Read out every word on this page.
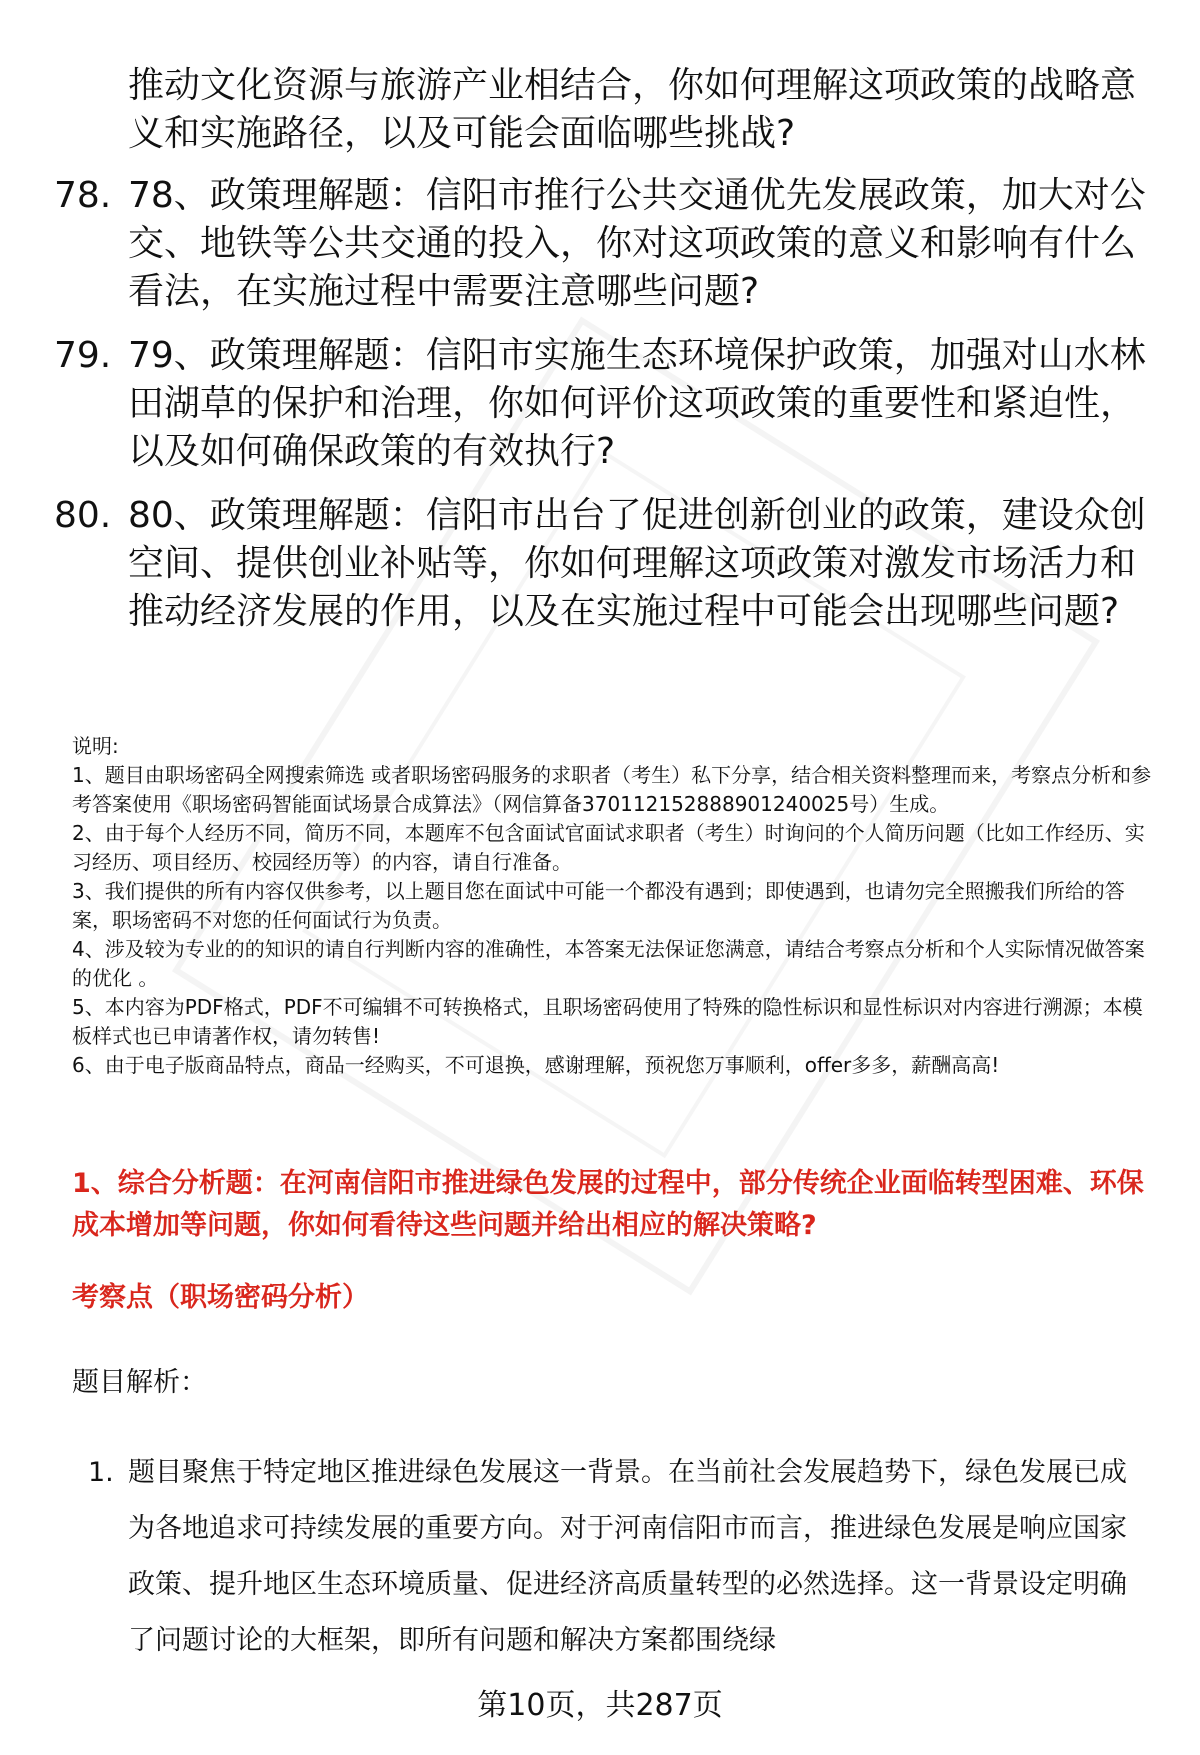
推动文化资源与旅游产业相结合，你如何理解这项政策的战略意义和实施路径，以及可能会面临哪些挑战?
78. 78、政策理解题：信阳市推行公共交通优先发展政策，加大对公交、地铁等公共交通的投入，你对这项政策的意义和影响有什么看法，在实施过程中需要注意哪些问题?
79. 79、政策理解题：信阳市实施生态环境保护政策，加强对山水林田湖草的保护和治理，你如何评价这项政策的重要性和紧迫性，以及如何确保政策的有效执行?
80. 80、政策理解题：信阳市出台了促进创新创业的政策，建设众创空间、提供创业补贴等，你如何理解这项政策对激发市场活力和推动经济发展的作用，以及在实施过程中可能会出现哪些问题?

说明:

1、题目由职场密码全网搜索筛选 或者职场密码服务的求职者（考生）私下分享，结合相关资料整理而来，考察点分析和参考答案使用《职场密码智能面试场景合成算法》（网信算备370112152888901240025号）生成。

2、由于每个人经历不同，简历不同，本题库不包含面试官面试求职者（考生）时询问的个人简历问题（比如工作经历、实习经历、项目经历、校园经历等）的内容，请自行准备。

3、我们提供的所有内容仅供参考，以上题目您在面试中可能一个都没有遇到；即使遇到，也请勿完全照搬我们所给的答案，职场密码不对您的任何面试行为负责。

4、涉及较为专业的的知识的请自行判断内容的准确性，本答案无法保证您满意，请结合考察点分析和个人实际情况做答案的优化 。

5、本内容为PDF格式，PDF不可编辑不可转换格式，且职场密码使用了特殊的隐性标识和显性标识对内容进行溯源；本模板样式也已申请著作权，请勿转售!

6、由于电子版商品特点，商品一经购买，不可退换，感谢理解，预祝您万事顺利，offer多多，薪酬高高!

1、综合分析题：在河南信阳市推进绿色发展的过程中，部分传统企业面临转型困难、环保成本增加等问题，你如何看待这些问题并给出相应的解决策略?
考察点（职场密码分析）
题目解析：
1. 题目聚焦于特定地区推进绿色发展这一背景。在当前社会发展趋势下，绿色发展已成为各地追求可持续发展的重要方向。对于河南信阳市而言，推进绿色发展是响应国家政策、提升地区生态环境质量、促进经济高质量转型的必然选择。这一背景设定明确了问题讨论的大框架，即所有问题和解决方案都围绕绿
第10页，共287页
